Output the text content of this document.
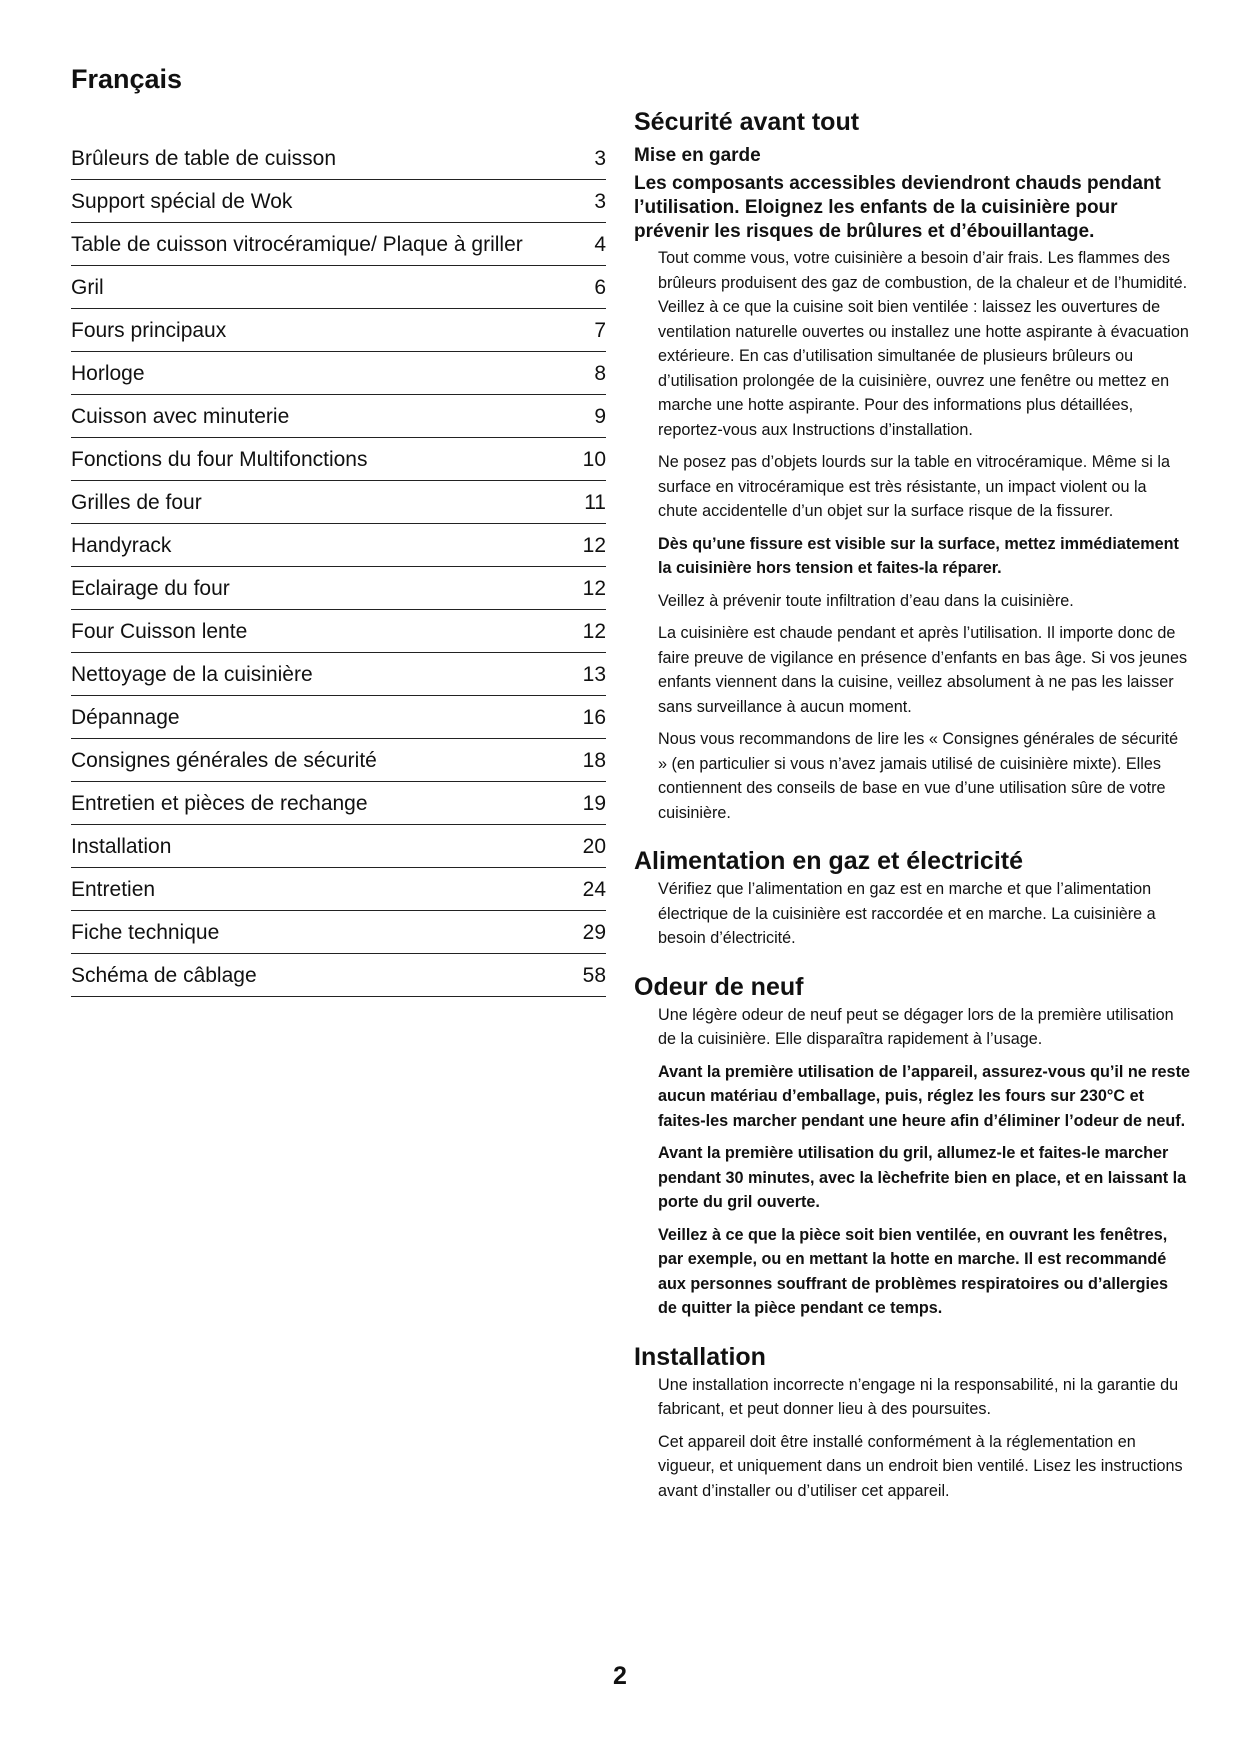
Français
Brûleurs de table de cuisson	3
Support spécial de Wok	3
Table de cuisson vitrocéramique/ Plaque à griller	4
Gril	6
Fours principaux	7
Horloge	8
Cuisson avec minuterie	9
Fonctions du four Multifonctions	10
Grilles de four	11
Handyrack	12
Eclairage du four	12
Four Cuisson lente	12
Nettoyage de la cuisinière	13
Dépannage	16
Consignes générales de sécurité	18
Entretien et pièces de rechange	19
Installation	20
Entretien	24
Fiche technique	29
Schéma de câblage	58
Sécurité avant tout
Mise en garde

Les composants accessibles deviendront chauds pendant l’utilisation. Eloignez les enfants de la cuisinière pour prévenir les risques de brûlures et d’ébouillantage.

Tout comme vous, votre cuisinière a besoin d’air frais. Les flammes des brûleurs produisent des gaz de combustion, de la chaleur et de l’humidité. Veillez à ce que la cuisine soit bien ventilée : laissez les ouvertures de ventilation naturelle ouvertes ou installez une hotte aspirante à évacuation extérieure. En cas d’utilisation simultanée de plusieurs brûleurs ou d’utilisation prolongée de la cuisinière, ouvrez une fenêtre ou mettez en marche une hotte aspirante. Pour des informations plus détaillées, reportez-vous aux Instructions d’installation.

Ne posez pas d’objets lourds sur la table en vitrocéramique. Même si la surface en vitrocéramique est très résistante, un impact violent ou la chute accidentelle d’un objet sur la surface risque de la fissurer.

Dès qu’une fissure est visible sur la surface, mettez immédiatement la cuisinière hors tension et faites-la réparer.

Veillez à prévenir toute infiltration d’eau dans la cuisinière.

La cuisinière est chaude pendant et après l’utilisation. Il importe donc de faire preuve de vigilance en présence d’enfants en bas âge. Si vos jeunes enfants viennent dans la cuisine, veillez absolument à ne pas les laisser sans surveillance à aucun moment.

Nous vous recommandons de lire les « Consignes générales de sécurité » (en particulier si vous n’avez jamais utilisé de cuisinière mixte). Elles contiennent des conseils de base en vue d’une utilisation sûre de votre cuisinière.

Alimentation en gaz et électricité

Vérifiez que l’alimentation en gaz est en marche et que l’alimentation électrique de la cuisinière est raccordée et en marche. La cuisinière a besoin d’électricité.

Odeur de neuf

Une légère odeur de neuf peut se dégager lors de la première utilisation de la cuisinière. Elle disparaîtra rapidement à l’usage.

Avant la première utilisation de l’appareil, assurez-vous qu’il ne reste aucun matériau d’emballage, puis, réglez les fours sur 230°C et faites-les marcher pendant une heure afin d’éliminer l’odeur de neuf.

Avant la première utilisation du gril, allumez-le et faites-le marcher pendant 30 minutes, avec la lèchefrite bien en place, et en laissant la porte du gril ouverte.

Veillez à ce que la pièce soit bien ventilée, en ouvrant les fenêtres, par exemple, ou en mettant la hotte en marche. Il est recommandé aux personnes souffrant de problèmes respiratoires ou d’allergies de quitter la pièce pendant ce temps.

Installation

Une installation incorrecte n’engage ni la responsabilité, ni la garantie du fabricant, et peut donner lieu à des poursuites.

Cet appareil doit être installé conformément à la réglementation en vigueur, et uniquement dans un endroit bien ventilé. Lisez les instructions avant d’installer ou d’utiliser cet appareil.

2
